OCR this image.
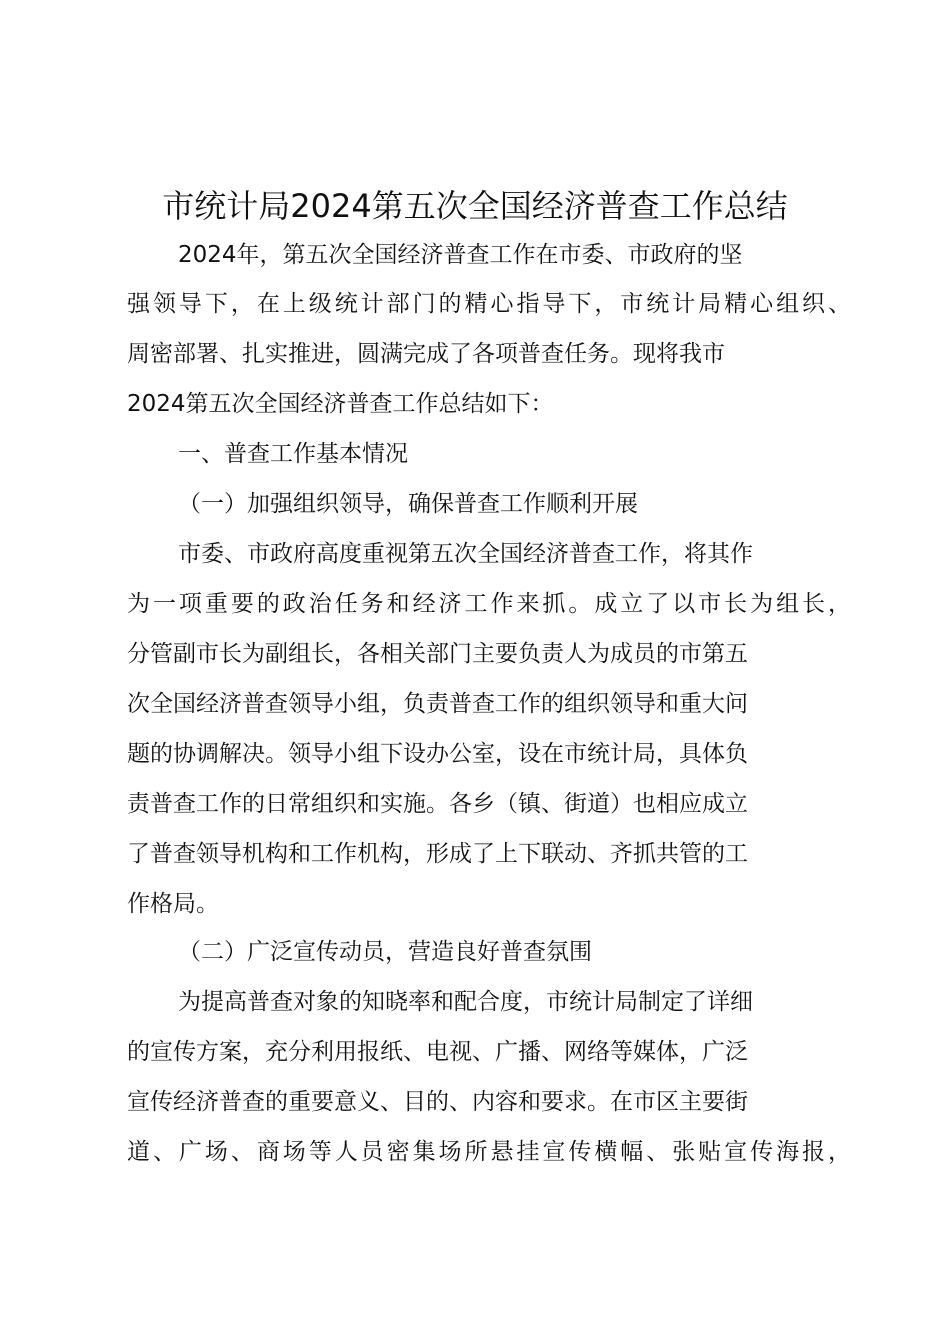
市统计局2024第五次全国经济普查工作总结
2024年，第五次全国经济普查工作在市委、市政府的坚
强领导下，在上级统计部门的精心指导下，市统计局精心组织、
周密部署、扎实推进，圆满完成了各项普查任务。现将我市
2024第五次全国经济普查工作总结如下：
一、普查工作基本情况
（一）加强组织领导，确保普查工作顺利开展
市委、市政府高度重视第五次全国经济普查工作，将其作
为一项重要的政治任务和经济工作来抓。成立了以市长为组长，
分管副市长为副组长，各相关部门主要负责人为成员的市第五
次全国经济普查领导小组，负责普查工作的组织领导和重大问
题的协调解决。领导小组下设办公室，设在市统计局，具体负
责普查工作的日常组织和实施。各乡（镇、街道）也相应成立
了普查领导机构和工作机构，形成了上下联动、齐抓共管的工
作格局。
（二）广泛宣传动员，营造良好普查氛围
为提高普查对象的知晓率和配合度，市统计局制定了详细
的宣传方案，充分利用报纸、电视、广播、网络等媒体，广泛
宣传经济普查的重要意义、目的、内容和要求。在市区主要街
道、广场、商场等人员密集场所悬挂宣传横幅、张贴宣传海报，
